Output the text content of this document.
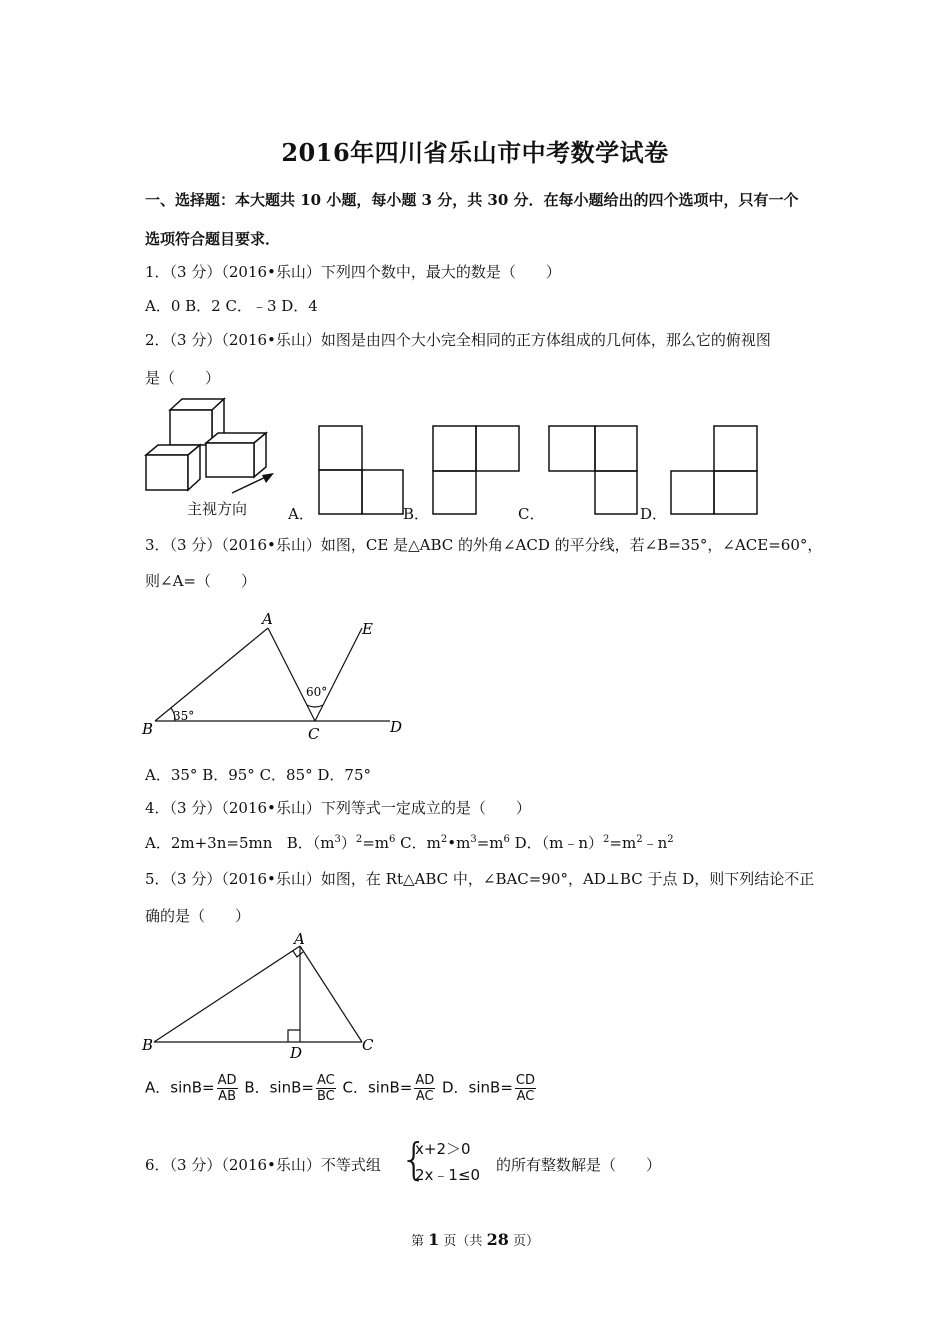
2016年四川省乐山市中考数学试卷
一、选择题：本大题共 10 小题，每小题 3 分，共 30 分．在每小题给出的四个选项中，只有一个
选项符合题目要求．
1．（3 分）（2016•乐山）下列四个数中，最大的数是（　　）
A．0 B．2 C．﹣3 D．4
2．（3 分）（2016•乐山）如图是由四个大小完全相同的正方体组成的几何体，那么它的俯视图
是（　　）
主视方向	A．	B．	C．	D．
3．（3 分）（2016•乐山）如图，CE 是△ABC 的外角∠ACD 的平分线，若∠B=35°，∠ACE=60°，
则∠A=（　　）
A
B	C	D
E
35°
60°
A．35° B．95° C．85° D．75°
4．（3 分）（2016•乐山）下列等式一定成立的是（　　）
A．2m+3n=5mn B．$(m^3)^2=m^6$ C．$m^2•m^3=m^6$ D．$(m﹣n)^2=m^2﹣n^2$
5．（3 分）（2016•乐山）如图，在 Rt△ABC 中，∠BAC=90°，AD⊥BC 于点 D，则下列结论不正
确的是（　　）
A
B	C
D
A．$\sin B= \frac{AD}{AB}$ B．$\sin B= \frac{AC}{BC}$ C．$\sin B= \frac{AD}{AC}$ D．$\sin B= \frac{CD}{AC}$
6．（3 分）（2016•乐山）不等式组 {
x+2＞0
2x﹣1≤0
的所有整数解是（　　）
第 1 页（共 28 页）
